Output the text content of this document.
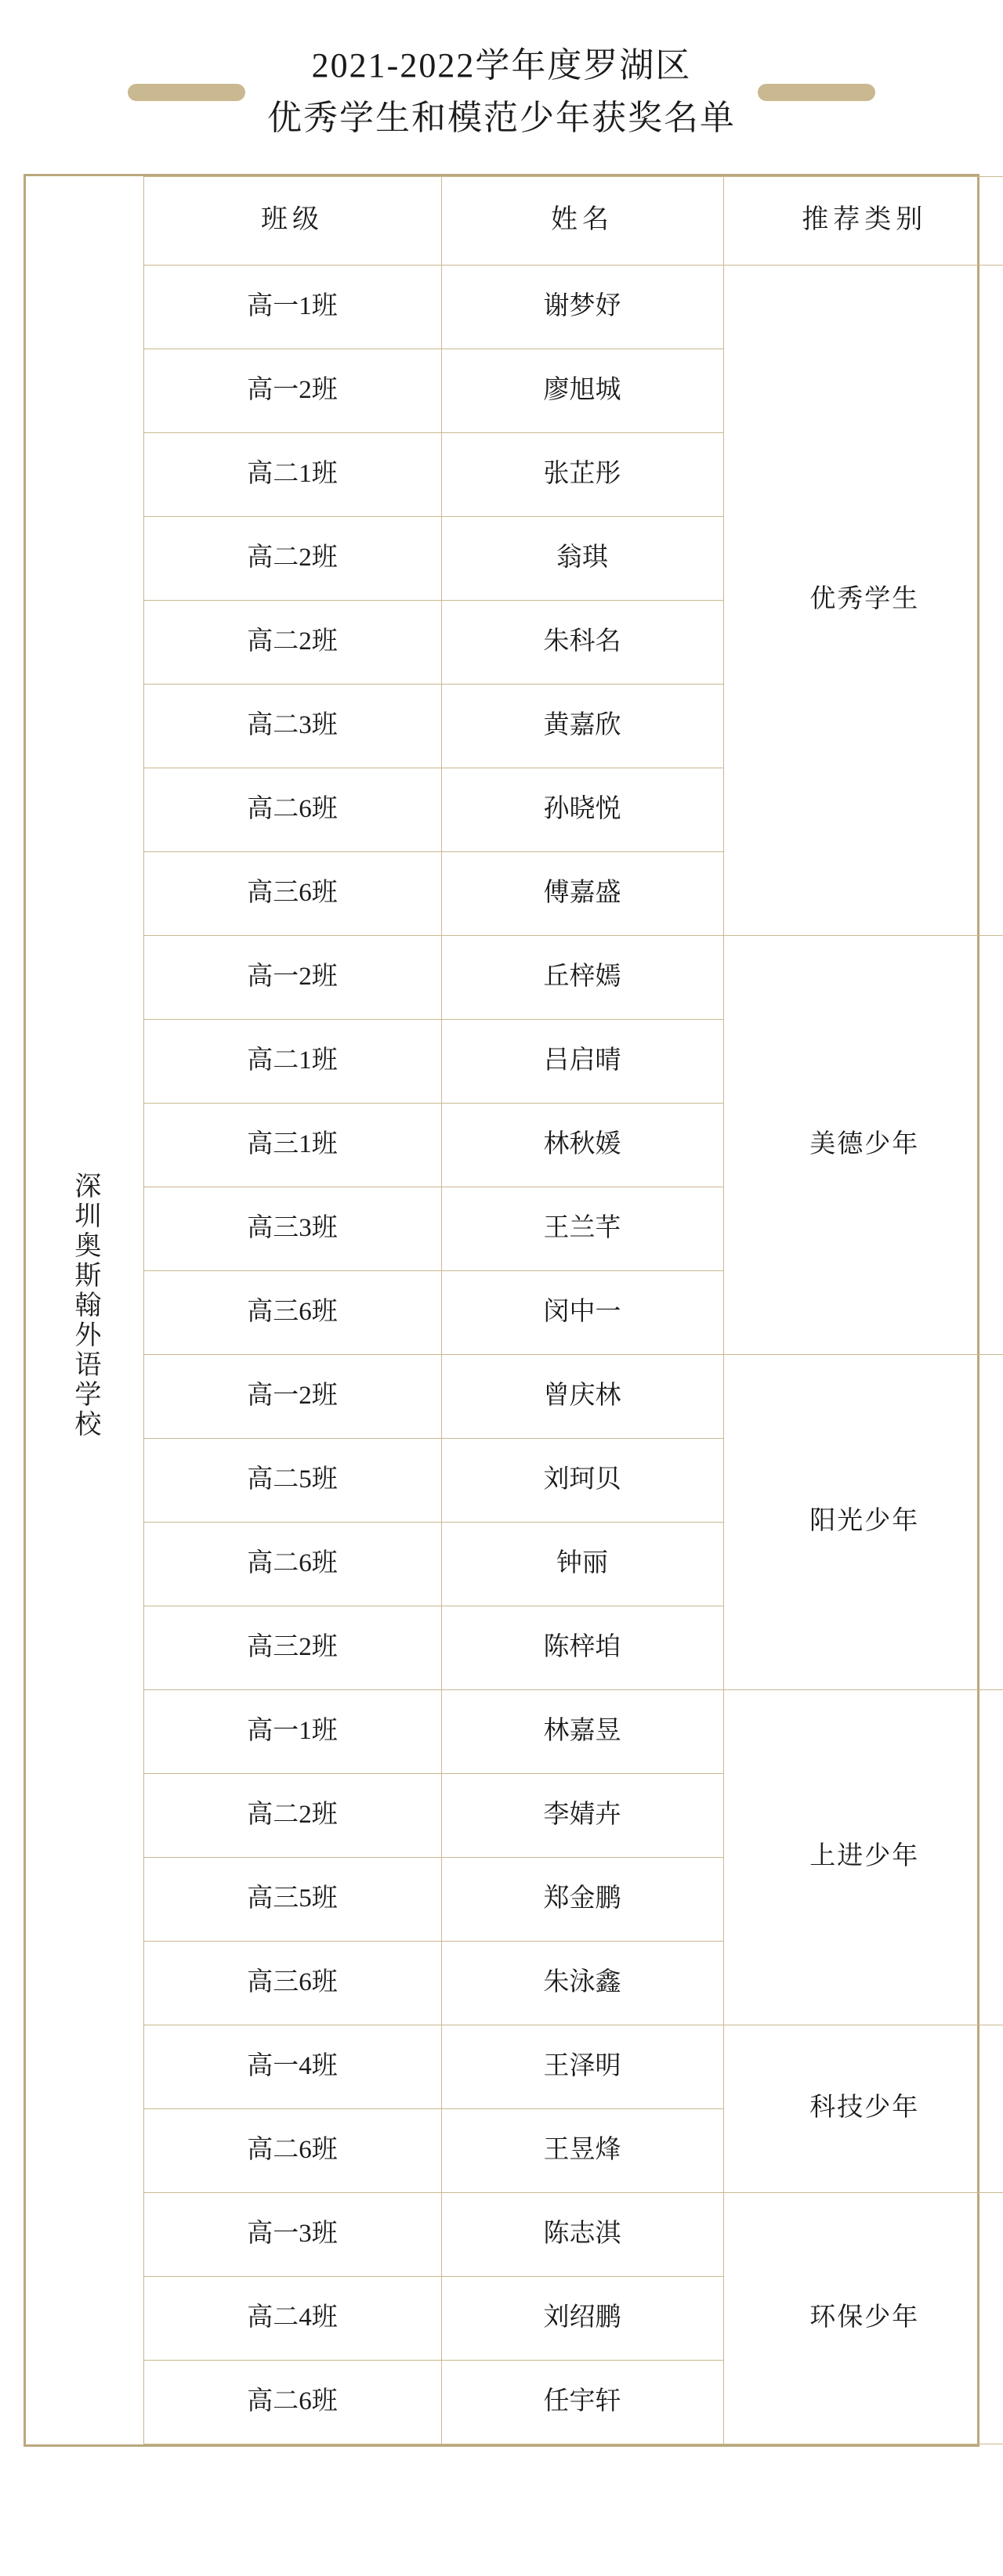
2021-2022学年度罗湖区
优秀学生和模范少年获奖名单
深圳奥斯翰外语学校	班级	姓名	推荐类别
	高一1班	谢梦妤	优秀学生
	高一2班	廖旭城	
	高二1班	张芷彤	
	高二2班	翁琪	
	高二2班	朱科名	
	高二3班	黄嘉欣	
	高二6班	孙晓悦	
	高三6班	傅嘉盛	
	高一2班	丘梓嫣	美德少年
	高二1班	吕启晴	
	高三1班	林秋媛	
	高三3班	王兰芊	
	高三6班	闵中一	
	高一2班	曾庆林	阳光少年
	高二5班	刘珂贝	
	高二6班	钟丽	
	高三2班	陈梓垍	
	高一1班	林嘉昱	上进少年
	高二2班	李婧卉	
	高三5班	郑金鹏	
	高三6班	朱泳鑫	
	高一4班	王泽明	科技少年
	高二6班	王昱烽	
	高一3班	陈志淇	环保少年
	高二4班	刘绍鹏	
	高二6班	任宇轩	
